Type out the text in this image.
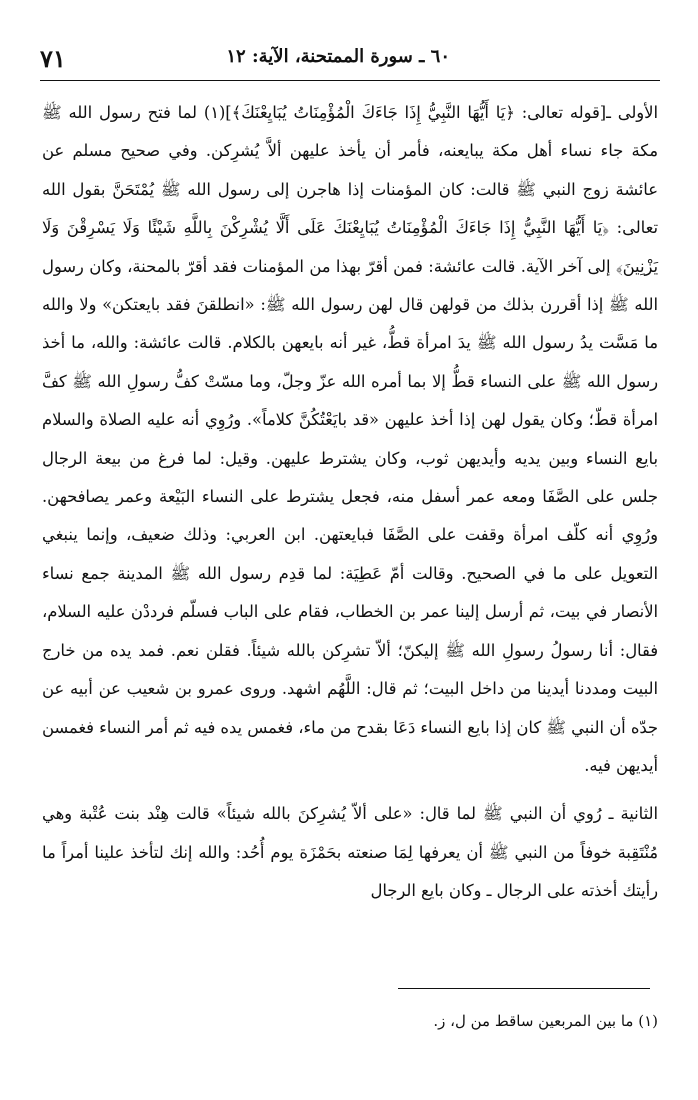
٦٠ ـ سورة الممتحنة، الآية: ١٢
٧١

الأولى ـ[قوله تعالى: ﴿يَا أَيُّهَا النَّبِيُّ إِذَا جَاءَكَ الْمُؤْمِنَاتُ يُبَايِعْنَكَ﴾](١) لما فتح رسول الله ﷺ مكة جاء نساء أهل مكة يبايعنه، فأمر أن يأخذ عليهن ألاَّ يُشرِكن. وفي صحيح مسلم عن عائشة زوج النبي ﷺ قالت: كان المؤمنات إذا هاجرن إلى رسول الله ﷺ يُمْتَحَنَّ بقول الله تعالى: ﴿يَا أَيُّهَا النَّبِيُّ إِذَا جَاءَكَ الْمُؤْمِنَاتُ يُبَايِعْنَكَ عَلَى أَلَّا يُشْرِكْنَ بِاللَّهِ شَيْئًا وَلَا يَسْرِقْنَ وَلَا يَزْنِينَ﴾ إلى آخر الآية. قالت عائشة: فمن أقرّ بهذا من المؤمنات فقد أقرّ بالمحنة، وكان رسول الله ﷺ إذا أقررن بذلك من قولهن قال لهن رسول الله ﷺ: «انطلقنَ فقد بايعتكن» ولا والله ما مَسَّت يدُ رسول الله ﷺ يدَ امرأة قطُّ، غير أنه بايعهن بالكلام. قالت عائشة: والله، ما أخذ رسول الله ﷺ على النساء قطُّ إلا بما أمره الله عزّ وجلّ، وما مسّتْ كفُّ رسولِ الله ﷺ كفَّ امرأة قطّ؛ وكان يقول لهن إذا أخذ عليهن «قد بايَعْتُكُنَّ كلاماً». ورُوِي أنه عليه الصلاة والسلام بايع النساء وبين يديه وأيديهن ثوب، وكان يشترط عليهن. وقيل: لما فرغ من بيعة الرجال جلس على الصَّفَا ومعه عمر أسفل منه، فجعل يشترط على النساء البَيْعة وعمر يصافحهن. ورُوِي أنه كلّف امرأة وقفت على الصَّفَا فبايعتهن. ابن العربي: وذلك ضعيف، وإنما ينبغي التعويل على ما في الصحيح. وقالت أمّ عَطِيَة: لما قدِم رسول الله ﷺ المدينة جمع نساء الأنصار في بيت، ثم أرسل إلينا عمر بن الخطاب، فقام على الباب فسلّم فرددْن عليه السلام، فقال: أنا رسولُ رسولِ الله ﷺ إليكنّ؛ ألاّ تشرِكن بالله شيئاً. فقلن نعم. فمد يده من خارج البيت ومددنا أيدينا من داخل البيت؛ ثم قال: اللَّهُم اشهد. وروى عمرو بن شعيب عن أبيه عن جدّه أن النبي ﷺ كان إذا بايع النساء دَعَا بقدح من ماء، فغمس يده فيه ثم أمر النساء فغمسن أيديهن فيه.

الثانية ـ رُوي أن النبي ﷺ لما قال: «على ألاّ يُشرِكنَ بالله شيئاً» قالت هِنْد بنت عُتْبة وهي مُنْتَقِبة خوفاً من النبي ﷺ أن يعرفها لِمَا صنعته بحَمْزَة يوم أُحُد: والله إنك لتأخذ علينا أمراً ما رأيتك أخذته على الرجال ـ وكان بايع الرجال

(١) ما بين المربعين ساقط من ل، ز.
